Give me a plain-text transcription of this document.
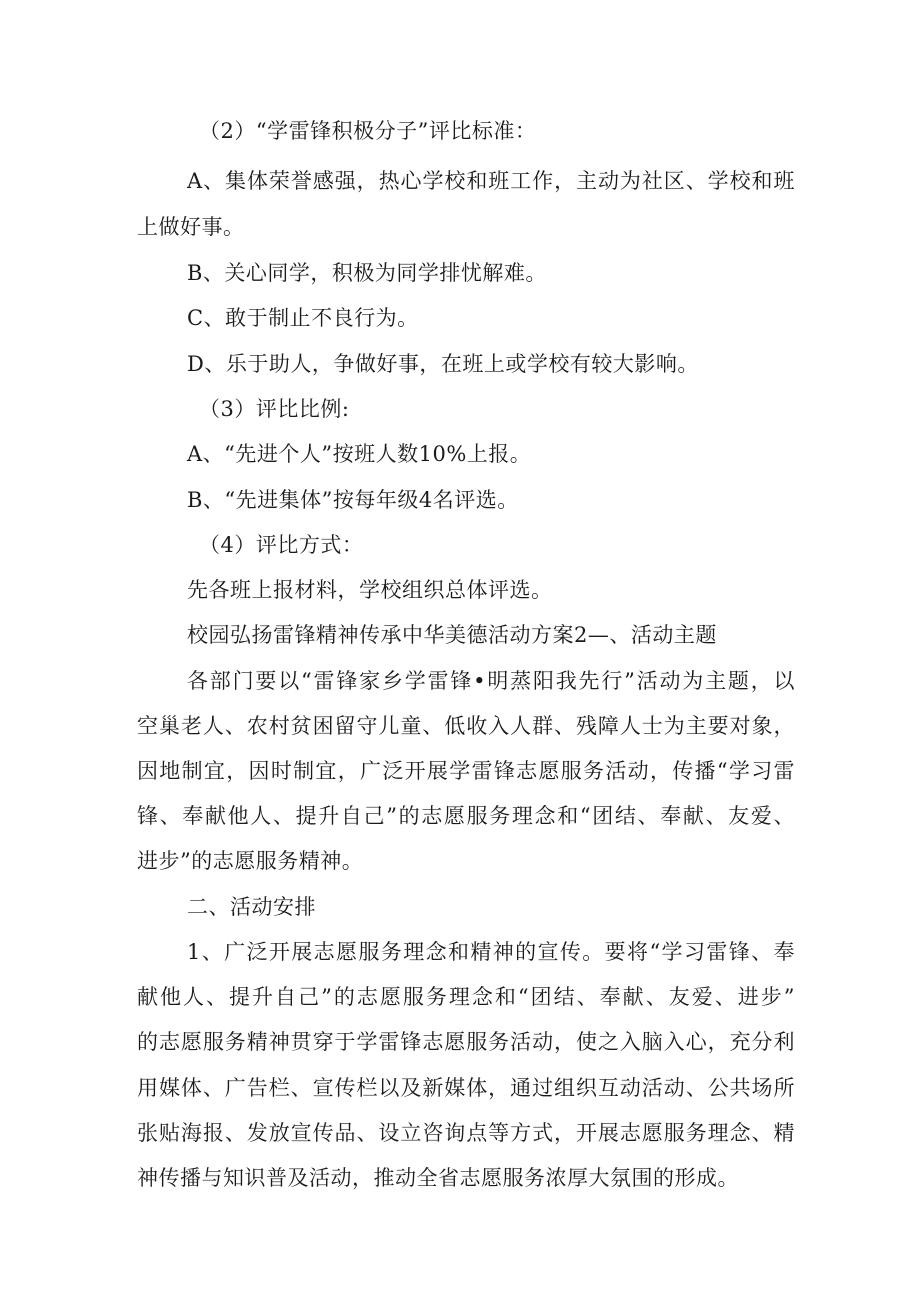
（2）“学雷锋积极分子”评比标准：
A、集体荣誉感强，热心学校和班工作，主动为社区、学校和班
上做好事。
B、关心同学，积极为同学排忧解难。
C、敢于制止不良行为。
D、乐于助人，争做好事，在班上或学校有较大影响。
（3）评比比例:
A、“先进个人”按班人数10%上报。
B、“先进集体”按每年级4名评选。
（4）评比方式：
先各班上报材料，学校组织总体评选。
校园弘扬雷锋精神传承中华美德活动方案2—、活动主题
各部门要以“雷锋家乡学雷锋•明蒸阳我先行”活动为主题，以
空巢老人、农村贫困留守儿童、低收入人群、残障人士为主要对象，
因地制宜，因时制宜，广泛开展学雷锋志愿服务活动，传播“学习雷
锋、奉献他人、提升自己”的志愿服务理念和“团结、奉献、友爱、
进步”的志愿服务精神。
二、活动安排
1、广泛开展志愿服务理念和精神的宣传。要将“学习雷锋、奉
献他人、提升自己”的志愿服务理念和“团结、奉献、友爱、进步”
的志愿服务精神贯穿于学雷锋志愿服务活动，使之入脑入心，充分利
用媒体、广告栏、宣传栏以及新媒体，通过组织互动活动、公共场所
张贴海报、发放宣传品、设立咨询点等方式，开展志愿服务理念、精
神传播与知识普及活动，推动全省志愿服务浓厚大氛围的形成。
